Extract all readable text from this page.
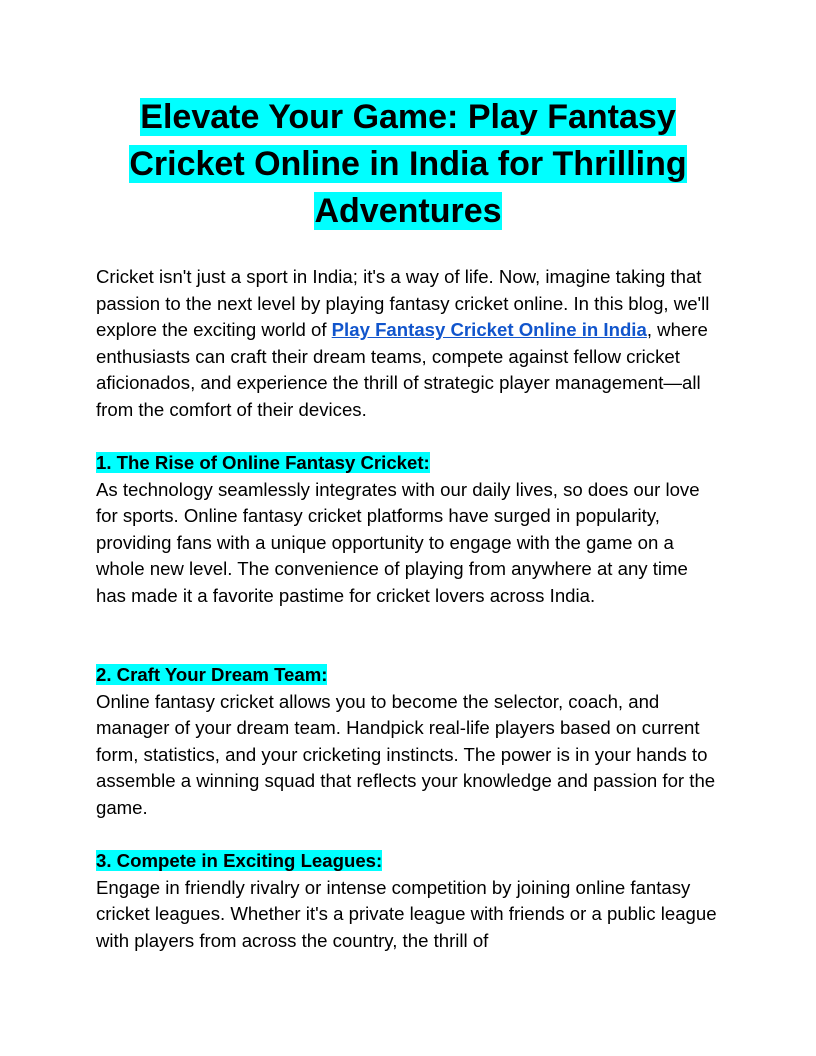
Elevate Your Game: Play Fantasy Cricket Online in India for Thrilling Adventures

Cricket isn't just a sport in India; it's a way of life. Now, imagine taking that passion to the next level by playing fantasy cricket online. In this blog, we'll explore the exciting world of Play Fantasy Cricket Online in India, where enthusiasts can craft their dream teams, compete against fellow cricket aficionados, and experience the thrill of strategic player management—all from the comfort of their devices.

1. The Rise of Online Fantasy Cricket:
As technology seamlessly integrates with our daily lives, so does our love for sports. Online fantasy cricket platforms have surged in popularity, providing fans with a unique opportunity to engage with the game on a whole new level. The convenience of playing from anywhere at any time has made it a favorite pastime for cricket lovers across India.
2. Craft Your Dream Team:
Online fantasy cricket allows you to become the selector, coach, and manager of your dream team. Handpick real-life players based on current form, statistics, and your cricketing instincts. The power is in your hands to assemble a winning squad that reflects your knowledge and passion for the game.
3. Compete in Exciting Leagues:
Engage in friendly rivalry or intense competition by joining online fantasy cricket leagues. Whether it's a private league with friends or a public league with players from across the country, the thrill of
